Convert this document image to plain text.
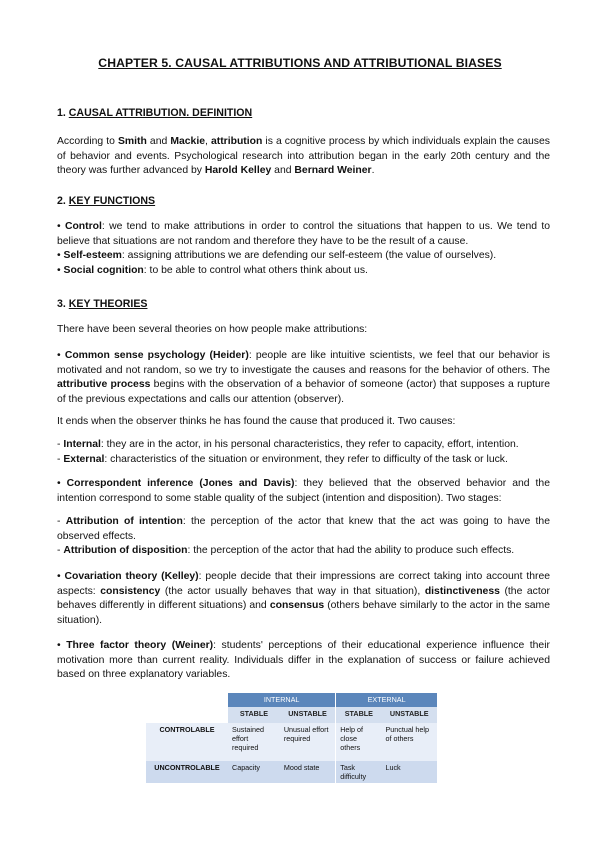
CHAPTER 5. CAUSAL ATTRIBUTIONS AND ATTRIBUTIONAL BIASES
1. CAUSAL ATTRIBUTION. DEFINITION

According to Smith and Mackie, attribution is a cognitive process by which individuals explain the causes of behavior and events. Psychological research into attribution began in the early 20th century and the theory was further advanced by Harold Kelley and Bernard Weiner.

2. KEY FUNCTIONS

• Control: we tend to make attributions in order to control the situations that happen to us. We tend to believe that situations are not random and therefore they have to be the result of a cause.

• Self-esteem: assigning attributions we are defending our self-esteem (the value of ourselves).

• Social cognition: to be able to control what others think about us.

3. KEY THEORIES

There have been several theories on how people make attributions:

• Common sense psychology (Heider): people are like intuitive scientists, we feel that our behavior is motivated and not random, so we try to investigate the causes and reasons for the behavior of others. The attributive process begins with the observation of a behavior of someone (actor) that supposes a rupture of the previous expectations and calls our attention (observer).

It ends when the observer thinks he has found the cause that produced it. Two causes:

- Internal: they are in the actor, in his personal characteristics, they refer to capacity, effort, intention.

- External: characteristics of the situation or environment, they refer to difficulty of the task or luck.

• Correspondent inference (Jones and Davis): they believed that the observed behavior and the intention correspond to some stable quality of the subject (intention and disposition). Two stages:

- Attribution of intention: the perception of the actor that knew that the act was going to have the observed effects.

- Attribution of disposition: the perception of the actor that had the ability to produce such effects.

• Covariation theory (Kelley): people decide that their impressions are correct taking into account three aspects: consistency (the actor usually behaves that way in that situation), distinctiveness (the actor behaves differently in different situations) and consensus (others behave similarly to the actor in the same situation).

• Three factor theory (Weiner): students' perceptions of their educational experience influence their motivation more than current reality. Individuals differ in the explanation of success or failure achieved based on three explanatory variables.

	INTERNAL		EXTERNAL	
	STABLE	UNSTABLE	STABLE	UNSTABLE
CONTROLABLE	Sustained effort required	Unusual effort required	Help of close others	Punctual help of others
UNCONTROLABLE	Capacity	Mood state	Task difficulty	Luck
